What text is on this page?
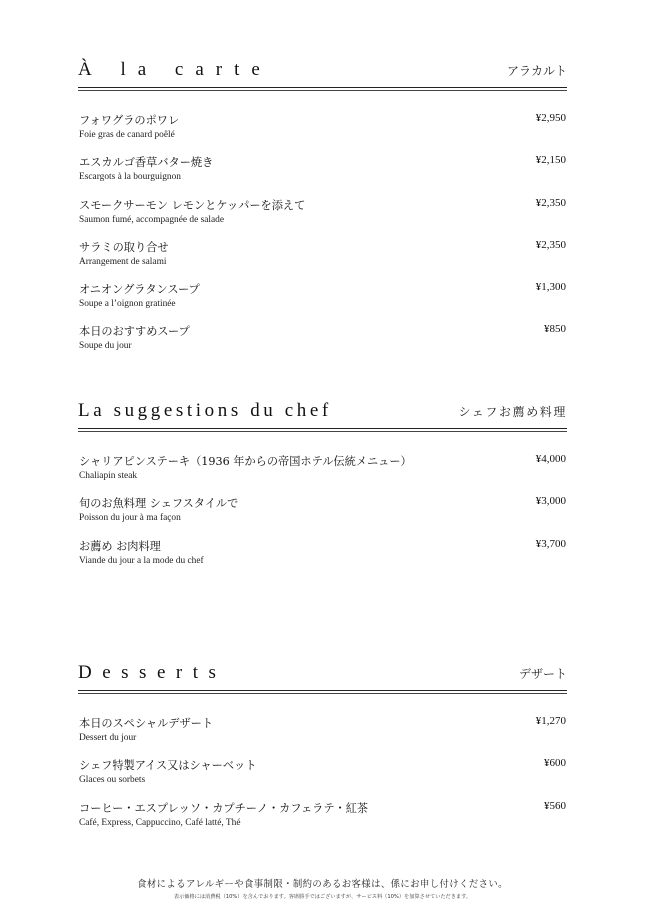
À la carte	アラカルト
フォワグラのポワレ
Foie gras de canard poêlé
¥2,950
エスカルゴ香草バター焼き
Escargots à la bourguignon
¥2,150
スモークサーモン レモンとケッパーを添えて
Saumon fumé, accompagnée de salade
¥2,350
サラミの取り合せ
Arrangement de salami
¥2,350
オニオングラタンスープ
Soupe a l’oignon gratinée
¥1,300
本日のおすすめスープ
Soupe du jour
¥850
La suggestions du chef	シェフお薦め料理
シャリアピンステーキ（1936 年からの帝国ホテル伝統メニュー）
Chaliapin steak
¥4,000
旬のお魚料理 シェフスタイルで
Poisson du jour à ma façon
¥3,000
お薦め お肉料理
Viande du jour a la mode du chef
¥3,700
Desserts	デザート
本日のスペシャルデザート
Dessert du jour
¥1,270
シェフ特製アイス又はシャーベット
Glaces ou sorbets
¥600
コーヒー・エスプレッソ・カプチーノ・カフェラテ・紅茶
Café, Express, Cappuccino, Café latté, Thé
¥560
食材によるアレルギーや食事制限・制約のあるお客様は、係にお申し付けください。
表示価格には消費税（10%）を含んでおります。客席勝手ではございますが、サービス料（10%）を加算させていただきます。
